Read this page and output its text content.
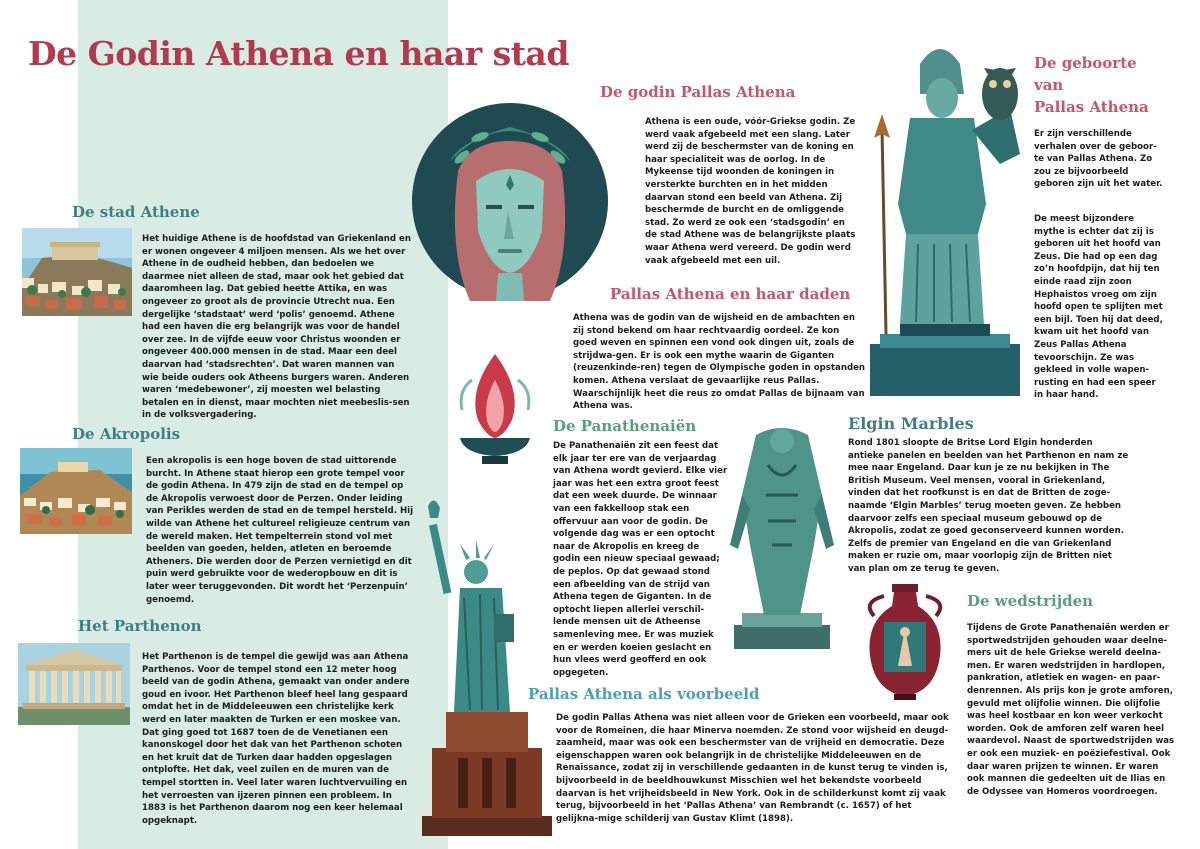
De Godin Athena en haar stad
De stad Athene
Het huidige Athene is de hoofdstad van Griekenland en er wonen ongeveer 4 miljoen mensen. Als we het over Athene in de oudheid hebben, dan bedoelen we daarmee niet alleen de stad, maar ook het gebied dat daaromheen lag. Dat gebied heette Attika, en was ongeveer zo groot als de provincie Utrecht nua. Een dergelijke ‘stadstaat’ werd ‘polis’ genoemd. Athene had een haven die erg belangrijk was voor de handel over zee. In de vijfde eeuw voor Christus woonden er ongeveer 400.000 mensen in de stad. Maar een deel daarvan had ‘stadsrechten’. Dat waren mannen van wie beide ouders ook Atheens burgers waren. Anderen waren ‘medebewoner’, zij moesten wel belasting betalen en in dienst, maar mochten niet meebeslis-sen in de volksvergadering.
De Akropolis
Een akropolis is een hoge boven de stad uittorende burcht. In Athene staat hierop een grote tempel voor de godin Athena. In 479 zijn de stad en de tempel op de Akropolis verwoest door de Perzen. Onder leiding van Perikles werden de stad en de tempel hersteld. Hij wilde van Athene het cultureel religieuze centrum van de wereld maken. Het tempelterrein stond vol met beelden van goeden, helden, atleten en beroemde Atheners. Die werden door de Perzen vernietigd en dit puin werd gebruikte voor de wederopbouw en dit is later weer teruggevonden. Dit wordt het ‘Perzenpuin’ genoemd.
Het Parthenon
Het Parthenon is de tempel die gewijd was aan Athena Parthenos. Voor de tempel stond een 12 meter hoog beeld van de godin Athena, gemaakt van onder andere goud en ivoor. Het Parthenon bleef heel lang gespaard omdat het in de Middeleeuwen een christelijke kerk werd en later maakten de Turken er een moskee van. Dat ging goed tot 1687 toen de de Venetianen een kanonskogel door het dak van het Parthenon schoten en het kruit dat de Turken daar hadden opgeslagen ontplofte. Het dak, veel zuilen en de muren van de tempel stortten in. Veel later waren luchtvervuiling en het verroesten van ijzeren pinnen een probleem. In 1883 is het Parthenon daarom nog een keer helemaal opgeknapt.
De godin Pallas Athena
Athena is een oude, vóór-Griekse godin. Ze werd vaak afgebeeld met een slang. Later werd zij de beschermster van de koning en haar specialiteit was de oorlog. In de Mykeense tijd woonden de koningen in versterkte burchten en in het midden daarvan stond een beeld van Athena. Zij beschermde de burcht en de omliggende stad. Zo werd ze ook een ‘stadsgodin’ en de stad Athene was de belangrijkste plaats waar Athena werd vereerd. De godin werd vaak afgebeeld met een uil.
Pallas Athena en haar daden
Athena was de godin van de wijsheid en de ambachten en zij stond bekend om haar rechtvaardig oordeel. Ze kon goed weven en spinnen een vond ook dingen uit, zoals de strijdwa-gen. Er is ook een mythe waarin de Giganten (reuzenkinde-ren) tegen de Olympische goden in opstanden komen. Athena verslaat de gevaarlijke reus Pallas. Waarschijnlijk heet die reus zo omdat Pallas de bijnaam van Athena was.
De geboorte
van
Pallas Athena
Er zijn verschillende verhalen over de geboor-te van Pallas Athena. Zo zou ze bijvoorbeeld geboren zijn uit het water.
De meest bijzondere mythe is echter dat zij is geboren uit het hoofd van Zeus. Die had op een dag zo’n hoofdpijn, dat hij ten einde raad zijn zoon Hephaistos vroeg om zijn hoofd open te splijten met een bijl. Toen hij dat deed, kwam uit het hoofd van Zeus Pallas Athena tevoorschijn. Ze was gekleed in volle wapen-rusting en had een speer in haar hand.
De Panathenaiën
De Panathenaiën zit een feest dat elk jaar ter ere van de verjaardag van Athena wordt gevierd. Elke vier jaar was het een extra groot feest dat een week duurde. De winnaar van een fakkelloop stak een offervuur aan voor de godin. De volgende dag was er een optocht naar de Akropolis en kreeg de godin een nieuw speciaal gewaad; de peplos. Op dat gewaad stond een afbeelding van de strijd van Athena tegen de Giganten. In de optocht liepen allerlei verschil-lende mensen uit de Atheense samenleving mee. Er was muziek en er werden koeien geslacht en hun vlees werd geofferd en ook opgegeten.
Elgin Marbles
Rond 1801 sloopte de Britse Lord Elgin honderden antieke panelen en beelden van het Parthenon en nam ze mee naar Engeland. Daar kun je ze nu bekijken in The British Museum. Veel mensen, vooral in Griekenland, vinden dat het roofkunst is en dat de Britten de zoge-naamde ‘Elgin Marbles’ terug moeten geven. Ze hebben daarvoor zelfs een speciaal museum gebouwd op de Akropolis, zodat ze goed geconserveerd kunnen worden. Zelfs de premier van Engeland en die van Griekenland maken er ruzie om, maar voorlopig zijn de Britten niet van plan om ze terug te geven.
De wedstrijden
Tijdens de Grote Panathenaiën werden er sportwedstrijden gehouden waar deelne-mers uit de hele Griekse wereld deelna-men. Er waren wedstrijden in hardlopen, pankration, atletiek en wagen- en paar-denrennen. Als prijs kon je grote amforen, gevuld met olijfolie winnen. Die olijfolie was heel kostbaar en kon weer verkocht worden. Ook de amforen zelf waren heel waardevol. Naast de sportwedstrijden was er ook een muziek- en poëziefestival. Ook daar waren prijzen te winnen. Er waren ook mannen die gedeelten uit de Ilias en de Odyssee van Homeros voordroegen.
Pallas Athena als voorbeeld
De godin Pallas Athena was niet alleen voor de Grieken een voorbeeld, maar ook voor de Romeinen, die haar Minerva noemden. Ze stond voor wijsheid en deugd-zaamheid, maar was ook een beschermster van de vrijheid en democratie. Deze eigenschappen waren ook belangrijk in de christelijke Middeleeuwen en de Renaissance, zodat zij in verschillende gedaanten in de kunst terug te vinden is, bijvoorbeeld in de beeldhouwkunst Misschien wel het bekendste voorbeeld daarvan is het vrijheidsbeeld in New York. Ook in de schilderkunst komt zij vaak terug, bijvoorbeeld in het ‘Pallas Athena’ van Rembrandt (c. 1657) of het gelijkna-mige schilderij van Gustav Klimt (1898).
